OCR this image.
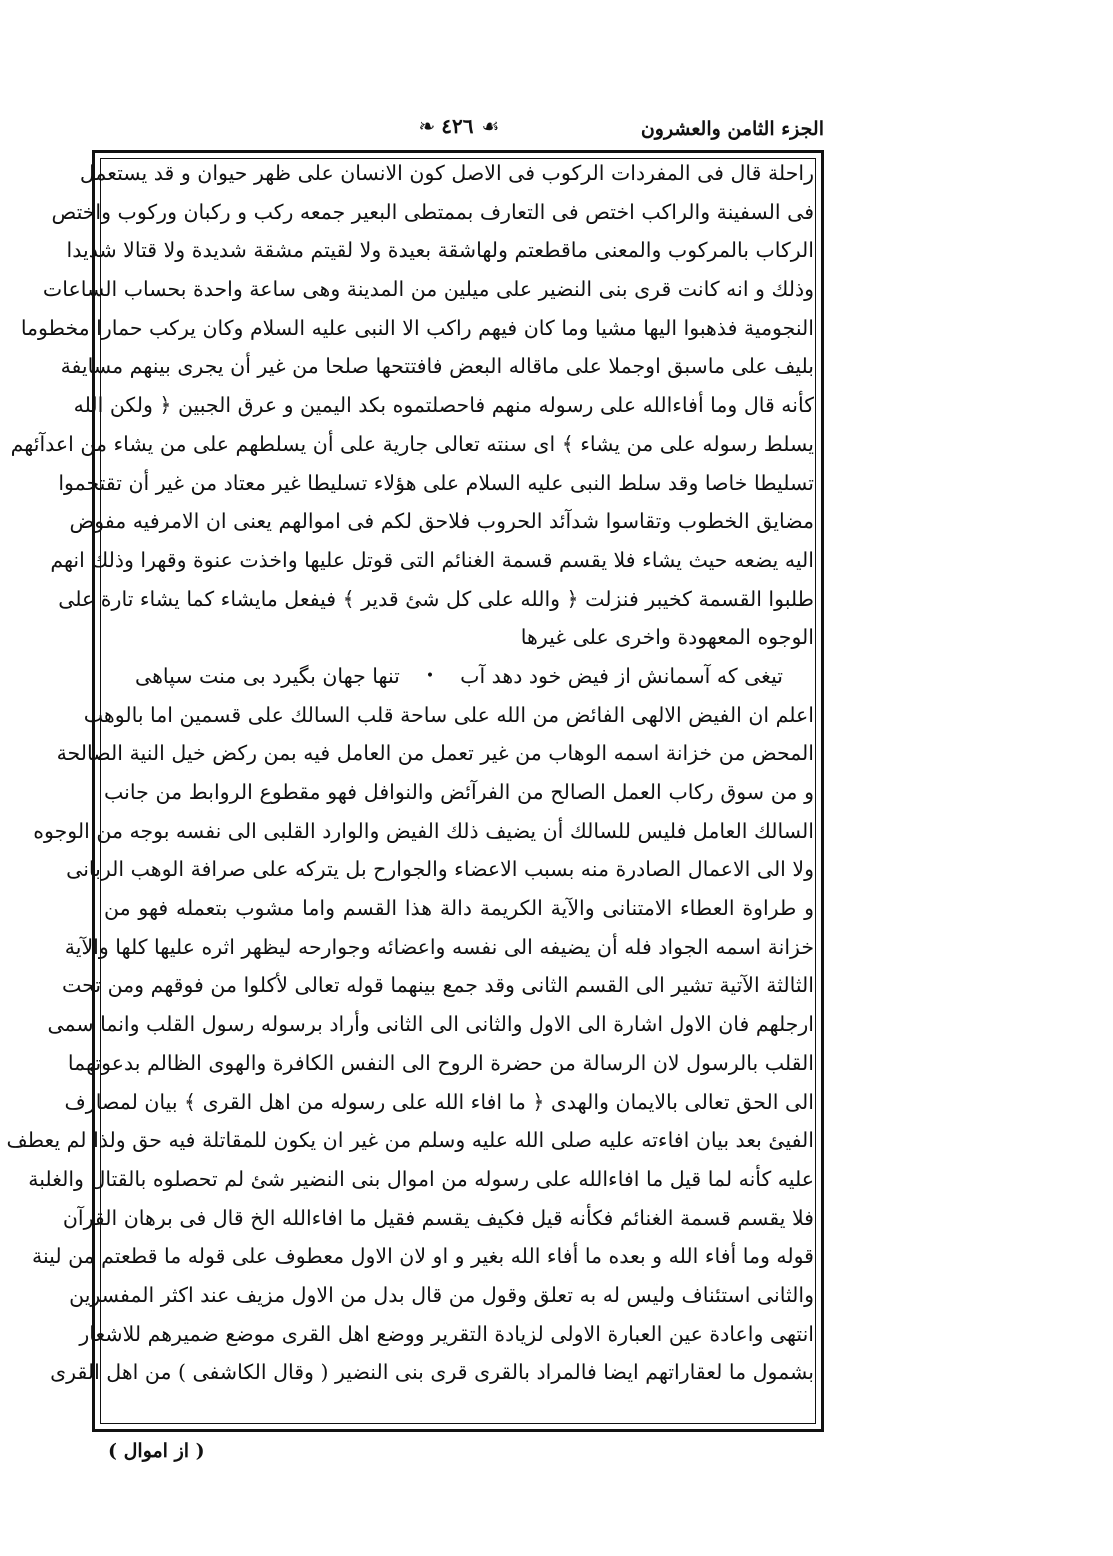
الجزء الثامن والعشرون
❧ ٤٢٦ ☙
راحلة قال فى المفردات الركوب فى الاصل كون الانسان على ظهر حيوان و قد يستعمل
فى السفينة والراكب اختص فى التعارف بممتطى البعير جمعه ركب و ركبان وركوب واختص
الركاب بالمركوب والمعنى ماقطعتم ولهاشقة بعيدة ولا لقيتم مشقة شديدة ولا قتالا شديدا
وذلك و انه كانت قرى بنى النضير على ميلين من المدينة وهى ساعة واحدة بحساب الساعات
النجومية فذهبوا اليها مشيا وما كان فيهم راكب الا النبى عليه السلام وكان يركب حمارا مخطوما
بليف على ماسبق اوجملا على ماقاله البعض فافتتحها صلحا من غير أن يجرى بينهم مسايفة
كأنه قال وما أفاءالله على رسوله منهم فاحصلتموه بكد اليمين و عرق الجبين ﴿ ولكن الله
يسلط رسوله على من يشاء ﴾ اى سنته تعالى جارية على أن يسلطهم على من يشاء من اعدآئهم
تسليطا خاصا وقد سلط النبى عليه السلام على هؤلاء تسليطا غير معتاد من غير أن تقتحموا
مضايق الخطوب وتقاسوا شدآئد الحروب فلاحق لكم فى اموالهم يعنى ان الامرفيه مفوض
اليه يضعه حيث يشاء فلا يقسم قسمة الغنائم التى قوتل عليها واخذت عنوة وقهرا وذلك انهم
طلبوا القسمة كخيبر فنزلت ﴿ والله على كل شئ قدير ﴾ فيفعل مايشاء كما يشاء تارة على
الوجوه المعهودة واخرى على غيرها
تيغى كه آسمانش از فيض خود دهد آب
•
تنها جهان بگيرد بى منت سپاهى
اعلم ان الفيض الالهى الفائض من الله على ساحة قلب السالك على قسمين اما بالوهب
المحض من خزانة اسمه الوهاب من غير تعمل من العامل فيه بمن ركض خيل النية الصالحة
و من سوق ركاب العمل الصالح من الفرآئض والنوافل فهو مقطوع الروابط من جانب
السالك العامل فليس للسالك أن يضيف ذلك الفيض والوارد القلبى الى نفسه بوجه من الوجوه
ولا الى الاعمال الصادرة منه بسبب الاعضاء والجوارح بل يتركه على صرافة الوهب الربانى
و طراوة العطاء الامتنانى والآية الكريمة دالة هذا القسم واما مشوب بتعمله فهو من
خزانة اسمه الجواد فله أن يضيفه الى نفسه واعضائه وجوارحه ليظهر اثره عليها كلها والآية
الثالثة الآتية تشير الى القسم الثانى وقد جمع بينهما قوله تعالى لأكلوا من فوقهم ومن تحت
ارجلهم فان الاول اشارة الى الاول والثانى الى الثانى وأراد برسوله رسول القلب وانما سمى
القلب بالرسول لان الرسالة من حضرة الروح الى النفس الكافرة والهوى الظالم بدعوتهما
الى الحق تعالى بالايمان والهدى ﴿ ما افاء الله على رسوله من اهل القرى ﴾ بيان لمصارف
الفيئ بعد بيان افاءته عليه صلى الله عليه وسلم من غير ان يكون للمقاتلة فيه حق ولذا لم يعطف
عليه كأنه لما قيل ما افاءالله على رسوله من اموال بنى النضير شئ لم تحصلوه بالقتال والغلبة
فلا يقسم قسمة الغنائم فكأنه قيل فكيف يقسم فقيل ما افاءالله الخ قال فى برهان القرآن
قوله وما أفاء الله و بعده ما أفاء الله بغير و او لان الاول معطوف على قوله ما قطعتم من لينة
والثانى استئناف وليس له به تعلق وقول من قال بدل من الاول مزيف عند اكثر المفسرين
انتهى واعادة عين العبارة الاولى لزيادة التقرير ووضع اهل القرى موضع ضميرهم للاشعار
بشمول ما لعقاراتهم ايضا فالمراد بالقرى قرى بنى النضير ( وقال الكاشفى ) من اهل القرى
( از اموال )
